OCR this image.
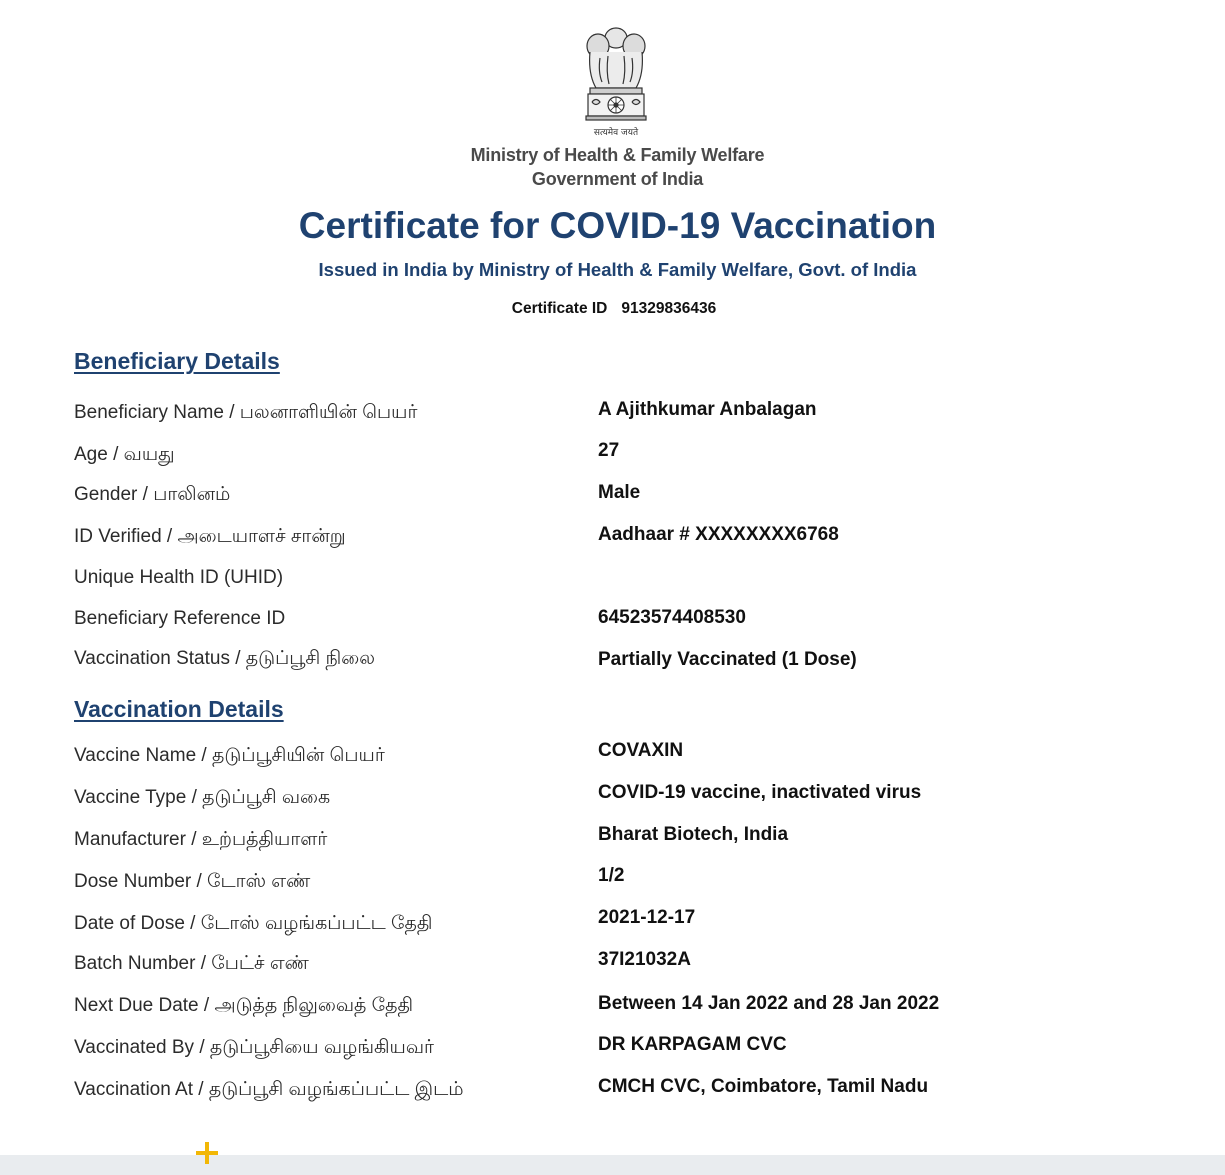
सत्यमेव जयते
Ministry of Health & Family Welfare
Government of India
Certificate for COVID-19 Vaccination
Issued in India by Ministry of Health & Family Welfare, Govt. of India
Certificate ID 91329836436
Beneficiary Details
Beneficiary Name / பலனாளியின் பெயர்	A Ajithkumar Anbalagan
Age / வயது	27
Gender / பாலினம்	Male
ID Verified / அடையாளச் சான்று	Aadhaar # XXXXXXXX6768
Unique Health ID (UHID)
Beneficiary Reference ID	64523574408530
Vaccination Status / தடுப்பூசி நிலை	Partially Vaccinated (1 Dose)
Vaccination Details
Vaccine Name / தடுப்பூசியின் பெயர்	COVAXIN
Vaccine Type / தடுப்பூசி வகை	COVID-19 vaccine, inactivated virus
Manufacturer / உற்பத்தியாளர்	Bharat Biotech, India
Dose Number / டோஸ் எண்	1/2
Date of Dose / டோஸ் வழங்கப்பட்ட தேதி	2021-12-17
Batch Number / பேட்ச் எண்	37I21032A
Next Due Date / அடுத்த நிலுவைத் தேதி	Between 14 Jan 2022 and 28 Jan 2022
Vaccinated By / தடுப்பூசியை வழங்கியவர்	DR KARPAGAM CVC
Vaccination At / தடுப்பூசி வழங்கப்பட்ட இடம்	CMCH CVC, Coimbatore, Tamil Nadu
